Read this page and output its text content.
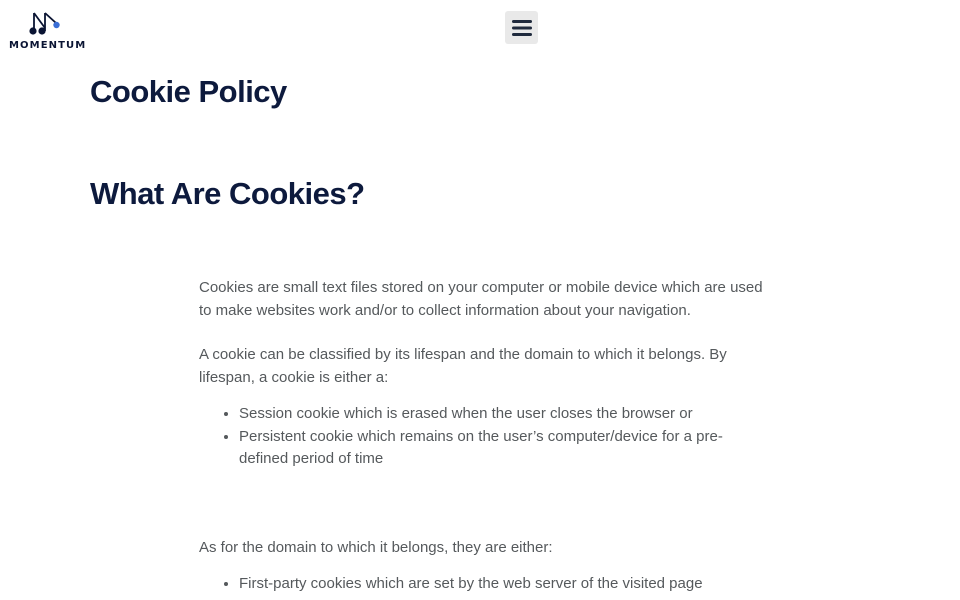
MOMENTUM
Cookie Policy
What Are Cookies?

Cookies are small text files stored on your computer or mobile device which are used to make websites work and/or to collect information about your navigation.

A cookie can be classified by its lifespan and the domain to which it belongs. By lifespan, a cookie is either a:

• Session cookie which is erased when the user closes the browser or
• Persistent cookie which remains on the user’s computer/device for a pre-defined period of time

As for the domain to which it belongs, they are either:

• First-party cookies which are set by the web server of the visited page
